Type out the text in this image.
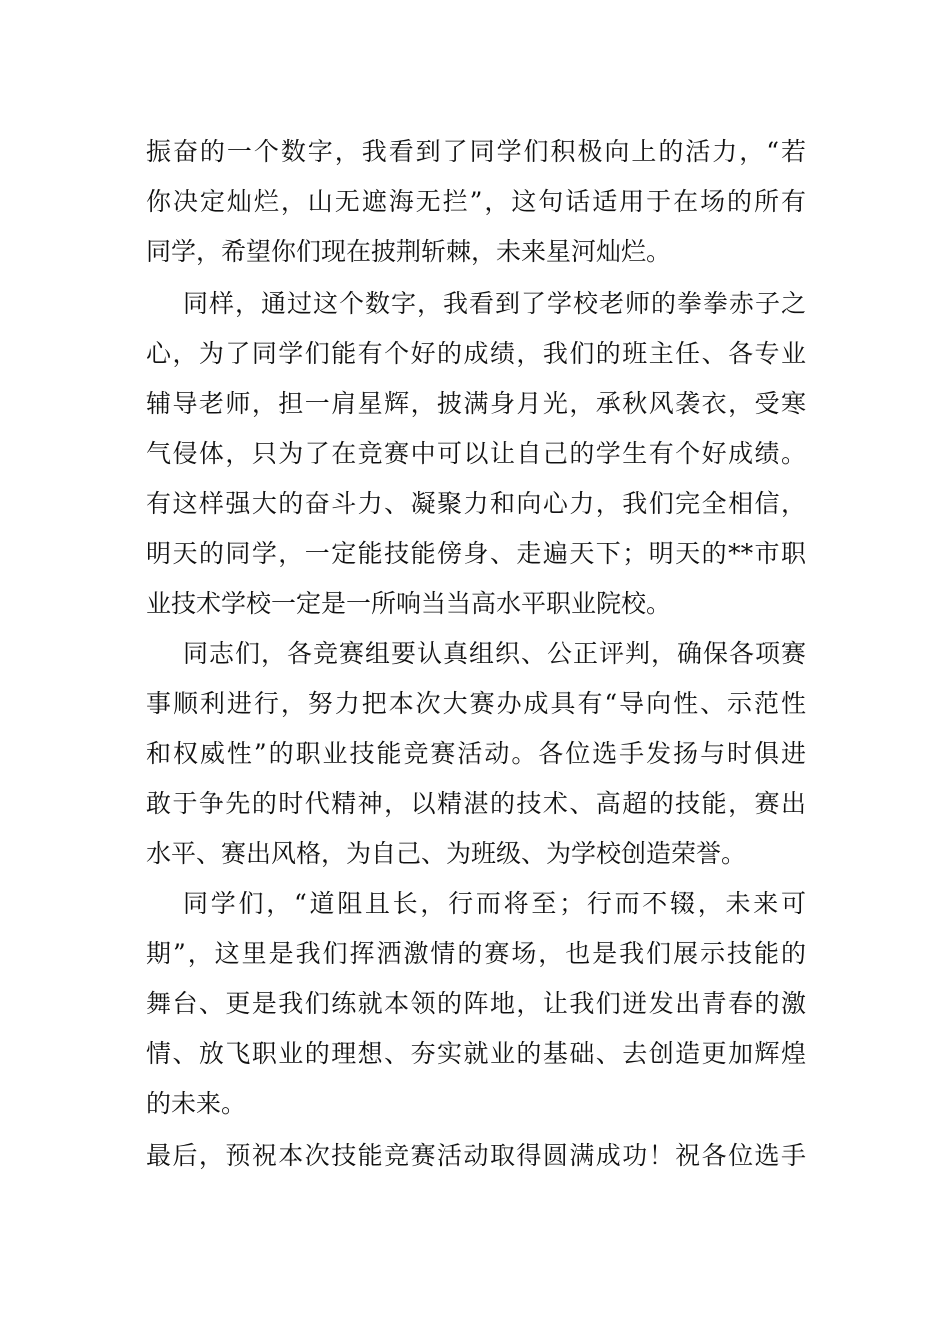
振奋的一个数字，我看到了同学们积极向上的活力，“若
你决定灿烂，山无遮海无拦”，这句话适用于在场的所有
同学，希望你们现在披荆斩棘，未来星河灿烂。
同样，通过这个数字，我看到了学校老师的拳拳赤子之
心，为了同学们能有个好的成绩，我们的班主任、各专业
辅导老师，担一肩星辉，披满身月光，承秋风袭衣，受寒
气侵体，只为了在竞赛中可以让自己的学生有个好成绩。
有这样强大的奋斗力、凝聚力和向心力，我们完全相信，
明天的同学，一定能技能傍身、走遍天下；明天的**市职
业技术学校一定是一所响当当高水平职业院校。
同志们，各竞赛组要认真组织、公正评判，确保各项赛
事顺利进行，努力把本次大赛办成具有“导向性、示范性
和权威性”的职业技能竞赛活动。各位选手发扬与时俱进
敢于争先的时代精神，以精湛的技术、高超的技能，赛出
水平、赛出风格，为自己、为班级、为学校创造荣誉。
同学们，“道阻且长，行而将至；行而不辍，未来可
期”，这里是我们挥洒激情的赛场，也是我们展示技能的
舞台、更是我们练就本领的阵地，让我们迸发出青春的激
情、放飞职业的理想、夯实就业的基础、去创造更加辉煌
的未来。
最后，预祝本次技能竞赛活动取得圆满成功！祝各位选手
